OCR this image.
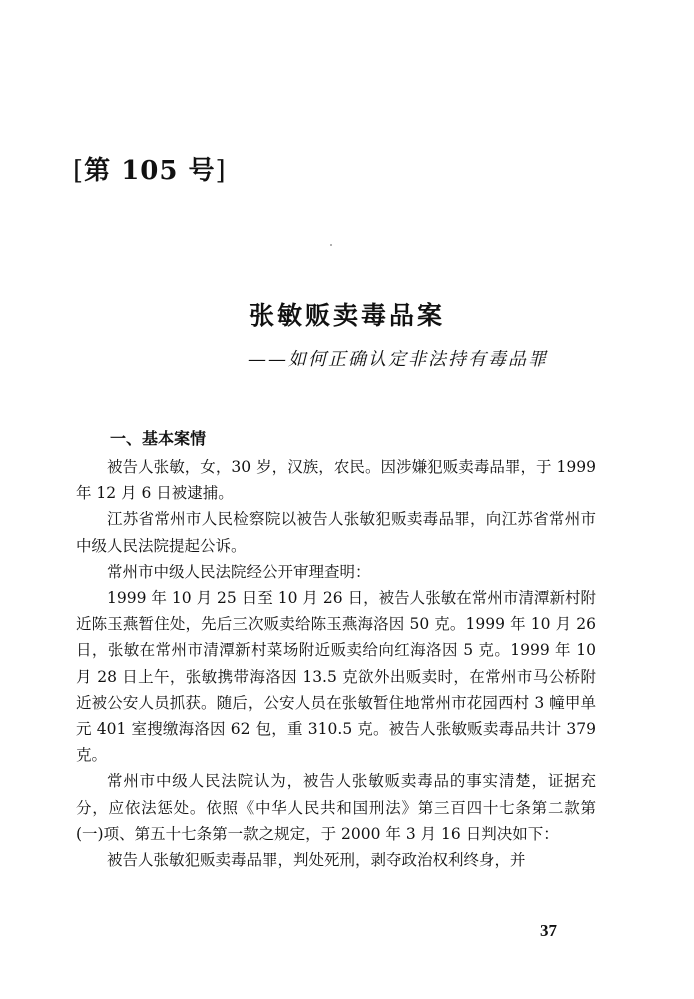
[第 105 号]
张敏贩卖毒品案
——如何正确认定非法持有毒品罪
一、基本案情

被告人张敏，女，30 岁，汉族，农民。因涉嫌犯贩卖毒品罪，于 1999 年 12 月 6 日被逮捕。

江苏省常州市人民检察院以被告人张敏犯贩卖毒品罪，向江苏省常州市中级人民法院提起公诉。

常州市中级人民法院经公开审理查明：

1999 年 10 月 25 日至 10 月 26 日，被告人张敏在常州市清潭新村附近陈玉燕暂住处，先后三次贩卖给陈玉燕海洛因 50 克。1999 年 10 月 26 日，张敏在常州市清潭新村菜场附近贩卖给向红海洛因 5 克。1999 年 10 月 28 日上午，张敏携带海洛因 13.5 克欲外出贩卖时，在常州市马公桥附近被公安人员抓获。随后，公安人员在张敏暂住地常州市花园西村 3 幢甲单元 401 室搜缴海洛因 62 包，重 310.5 克。被告人张敏贩卖毒品共计 379 克。

常州市中级人民法院认为，被告人张敏贩卖毒品的事实清楚，证据充分，应依法惩处。依照《中华人民共和国刑法》第三百四十七条第二款第(一)项、第五十七条第一款之规定，于 2000 年 3 月 16 日判决如下：

被告人张敏犯贩卖毒品罪，判处死刑，剥夺政治权利终身，并

37
